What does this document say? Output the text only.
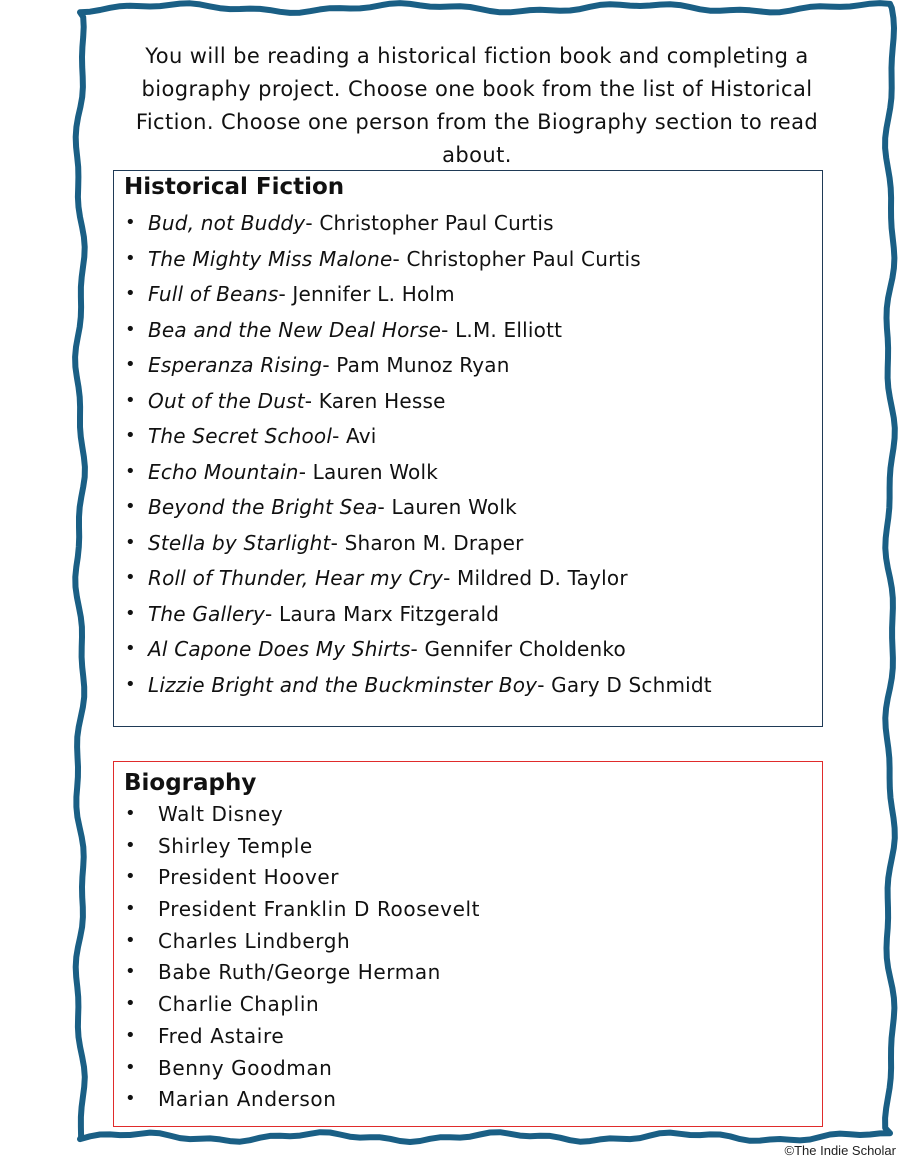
You will be reading a historical fiction book and completing a biography project. Choose one book from the list of Historical Fiction. Choose one person from the Biography section to read about.
Historical Fiction
• Bud, not Buddy- Christopher Paul Curtis
• The Mighty Miss Malone- Christopher Paul Curtis
• Full of Beans- Jennifer L. Holm
• Bea and the New Deal Horse- L.M. Elliott
• Esperanza Rising- Pam Munoz Ryan
• Out of the Dust- Karen Hesse
• The Secret School- Avi
• Echo Mountain- Lauren Wolk
• Beyond the Bright Sea- Lauren Wolk
• Stella by Starlight- Sharon M. Draper
• Roll of Thunder, Hear my Cry- Mildred D. Taylor
• The Gallery- Laura Marx Fitzgerald
• Al Capone Does My Shirts- Gennifer Choldenko
• Lizzie Bright and the Buckminster Boy- Gary D Schmidt
Biography
• Walt Disney
• Shirley Temple
• President Hoover
• President Franklin D Roosevelt
• Charles Lindbergh
• Babe Ruth/George Herman
• Charlie Chaplin
• Fred Astaire
• Benny Goodman
• Marian Anderson
©The Indie Scholar
